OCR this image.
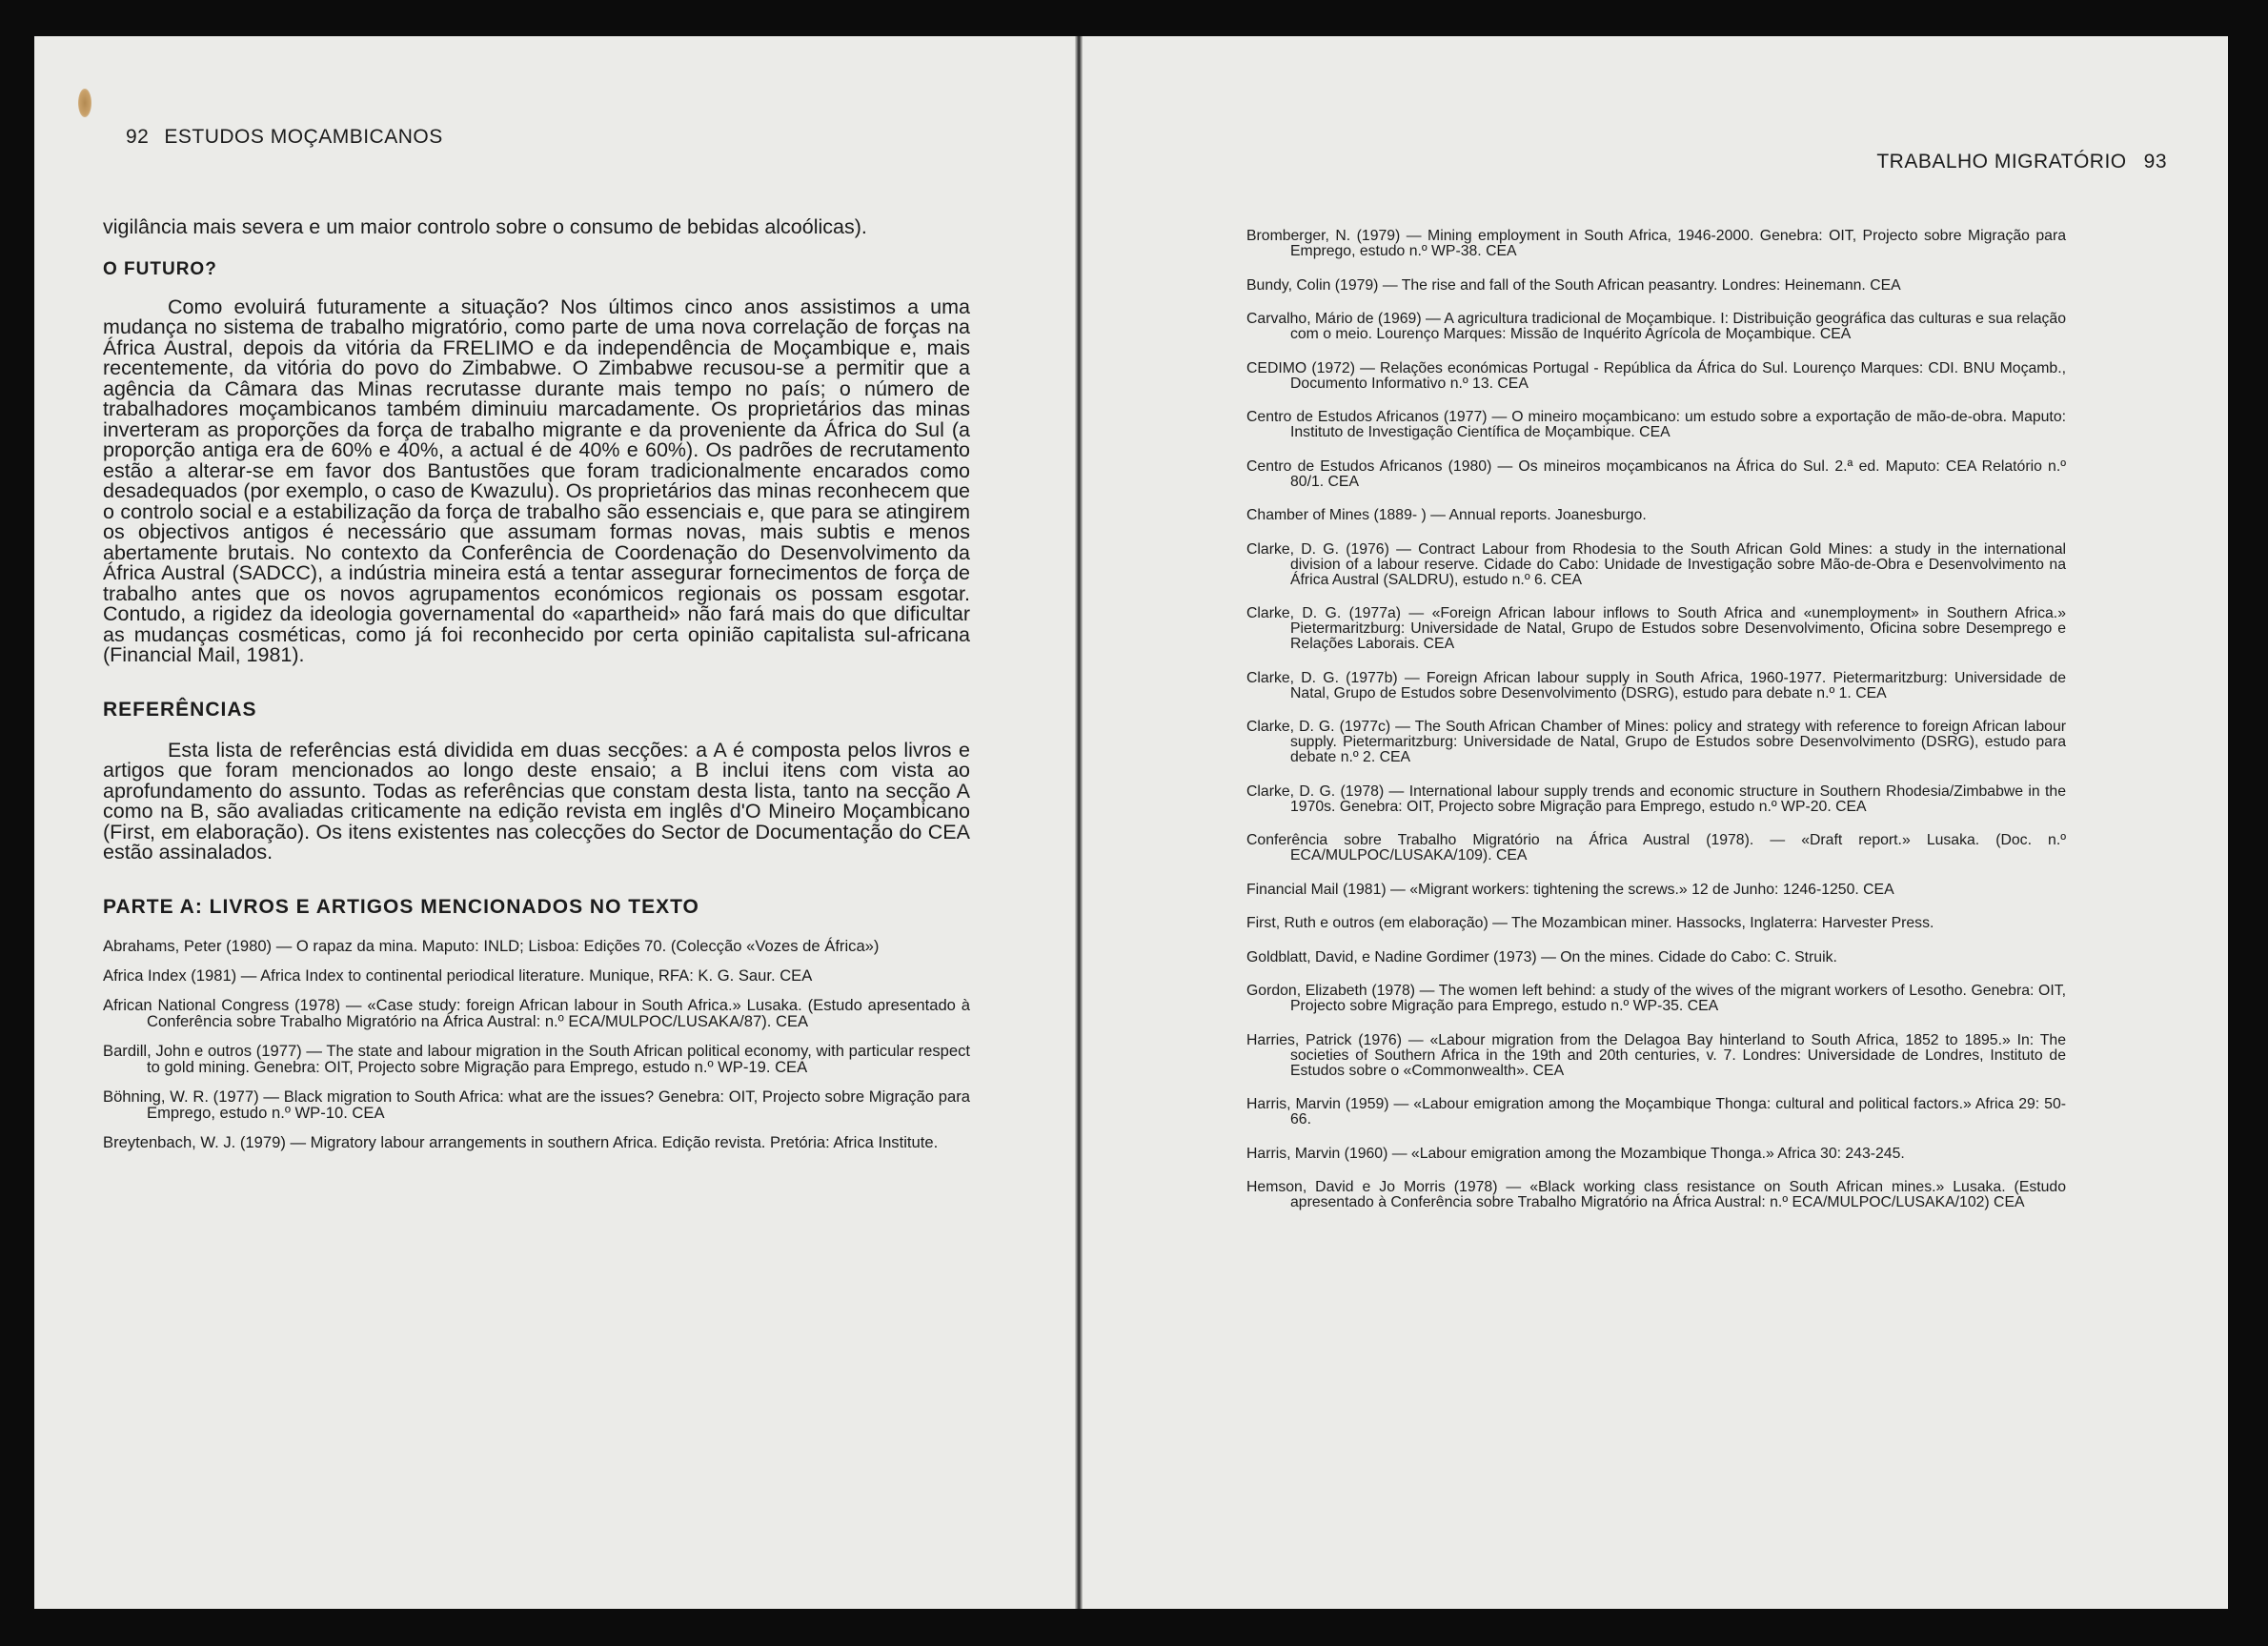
92 ESTUDOS MOÇAMBICANOS

vigilância mais severa e um maior controlo sobre o consumo de bebidas alcoólicas).

O FUTURO?

Como evoluirá futuramente a situação? Nos últimos cinco anos assistimos a uma mudança no sistema de trabalho migratório, como parte de uma nova correlação de forças na África Austral, depois da vitória da FRELIMO e da independência de Moçambique e, mais recentemente, da vitória do povo do Zimbabwe. O Zimbabwe recusou-se a permitir que a agência da Câmara das Minas recrutasse durante mais tempo no país; o número de trabalhadores moçambicanos também diminuiu marcadamente. Os proprietários das minas inverteram as proporções da força de trabalho migrante e da proveniente da África do Sul (a proporção antiga era de 60% e 40%, a actual é de 40% e 60%). Os padrões de recrutamento estão a alterar-se em favor dos Bantustões que foram tradicionalmente encarados como desadequados (por exemplo, o caso de Kwazulu). Os proprietários das minas reconhecem que o controlo social e a estabilização da força de trabalho são essenciais e, que para se atingirem os objectivos antigos é necessário que assumam formas novas, mais subtis e menos abertamente brutais. No contexto da Conferência de Coordenação do Desenvolvimento da África Austral (SADCC), a indústria mineira está a tentar assegurar fornecimentos de força de trabalho antes que os novos agrupamentos económicos regionais os possam esgotar. Contudo, a rigidez da ideologia governamental do «apartheid» não fará mais do que dificultar as mudanças cosméticas, como já foi reconhecido por certa opinião capitalista sul-africana (Financial Mail, 1981).

REFERÊNCIAS

Esta lista de referências está dividida em duas secções: a A é composta pelos livros e artigos que foram mencionados ao longo deste ensaio; a B inclui itens com vista ao aprofundamento do assunto. Todas as referências que constam desta lista, tanto na secção A como na B, são avaliadas criticamente na edição revista em inglês d'O Mineiro Moçambicano (First, em elaboração). Os itens existentes nas colecções do Sector de Documentação do CEA estão assinalados.

PARTE A: LIVROS E ARTIGOS MENCIONADOS NO TEXTO

Abrahams, Peter (1980) — O rapaz da mina. Maputo: INLD; Lisboa: Edições 70. (Colecção «Vozes de África»)

Africa Index (1981) — Africa Index to continental periodical literature. Munique, RFA: K. G. Saur. CEA

African National Congress (1978) — «Case study: foreign African labour in South Africa.» Lusaka. (Estudo apresentado à Conferência sobre Trabalho Migratório na África Austral: n.º ECA/MULPOC/LUSAKA/87). CEA

Bardill, John e outros (1977) — The state and labour migration in the South African political economy, with particular respect to gold mining. Genebra: OIT, Projecto sobre Migração para Emprego, estudo n.º WP-19. CEA

Böhning, W. R. (1977) — Black migration to South Africa: what are the issues? Genebra: OIT, Projecto sobre Migração para Emprego, estudo n.º WP-10. CEA

Breytenbach, W. J. (1979) — Migratory labour arrangements in southern Africa. Edição revista. Pretória: Africa Institute.

TRABALHO MIGRATÓRIO 93

Bromberger, N. (1979) — Mining employment in South Africa, 1946-2000. Genebra: OIT, Projecto sobre Migração para Emprego, estudo n.º WP-38. CEA

Bundy, Colin (1979) — The rise and fall of the South African peasantry. Londres: Heinemann. CEA

Carvalho, Mário de (1969) — A agricultura tradicional de Moçambique. I: Distribuição geográfica das culturas e sua relação com o meio. Lourenço Marques: Missão de Inquérito Agrícola de Moçambique. CEA

CEDIMO (1972) — Relações económicas Portugal - República da África do Sul. Lourenço Marques: CDI. BNU Moçamb., Documento Informativo n.º 13. CEA

Centro de Estudos Africanos (1977) — O mineiro moçambicano: um estudo sobre a exportação de mão-de-obra. Maputo: Instituto de Investigação Científica de Moçambique. CEA

Centro de Estudos Africanos (1980) — Os mineiros moçambicanos na África do Sul. 2.ª ed. Maputo: CEA Relatório n.º 80/1. CEA

Chamber of Mines (1889- ) — Annual reports. Joanesburgo.

Clarke, D. G. (1976) — Contract Labour from Rhodesia to the South African Gold Mines: a study in the international division of a labour reserve. Cidade do Cabo: Unidade de Investigação sobre Mão-de-Obra e Desenvolvimento na África Austral (SALDRU), estudo n.º 6. CEA

Clarke, D. G. (1977a) — «Foreign African labour inflows to South Africa and «unemployment» in Southern Africa.» Pietermaritzburg: Universidade de Natal, Grupo de Estudos sobre Desenvolvimento, Oficina sobre Desemprego e Relações Laborais. CEA

Clarke, D. G. (1977b) — Foreign African labour supply in South Africa, 1960-1977. Pietermaritzburg: Universidade de Natal, Grupo de Estudos sobre Desenvolvimento (DSRG), estudo para debate n.º 1. CEA

Clarke, D. G. (1977c) — The South African Chamber of Mines: policy and strategy with reference to foreign African labour supply. Pietermaritzburg: Universidade de Natal, Grupo de Estudos sobre Desenvolvimento (DSRG), estudo para debate n.º 2. CEA

Clarke, D. G. (1978) — International labour supply trends and economic structure in Southern Rhodesia/Zimbabwe in the 1970s. Genebra: OIT, Projecto sobre Migração para Emprego, estudo n.º WP-20. CEA

Conferência sobre Trabalho Migratório na África Austral (1978). — «Draft report.» Lusaka. (Doc. n.º ECA/MULPOC/LUSAKA/109). CEA

Financial Mail (1981) — «Migrant workers: tightening the screws.» 12 de Junho: 1246-1250. CEA

First, Ruth e outros (em elaboração) — The Mozambican miner. Hassocks, Inglaterra: Harvester Press.

Goldblatt, David, e Nadine Gordimer (1973) — On the mines. Cidade do Cabo: C. Struik.

Gordon, Elizabeth (1978) — The women left behind: a study of the wives of the migrant workers of Lesotho. Genebra: OIT, Projecto sobre Migração para Emprego, estudo n.º WP-35. CEA

Harries, Patrick (1976) — «Labour migration from the Delagoa Bay hinterland to South Africa, 1852 to 1895.» In: The societies of Southern Africa in the 19th and 20th centuries, v. 7. Londres: Universidade de Londres, Instituto de Estudos sobre o «Commonwealth». CEA

Harris, Marvin (1959) — «Labour emigration among the Moçambique Thonga: cultural and political factors.» Africa 29: 50-66.

Harris, Marvin (1960) — «Labour emigration among the Mozambique Thonga.» Africa 30: 243-245.

Hemson, David e Jo Morris (1978) — «Black working class resistance on South African mines.» Lusaka. (Estudo apresentado à Conferência sobre Trabalho Migratório na África Austral: n.º ECA/MULPOC/LUSAKA/102) CEA
